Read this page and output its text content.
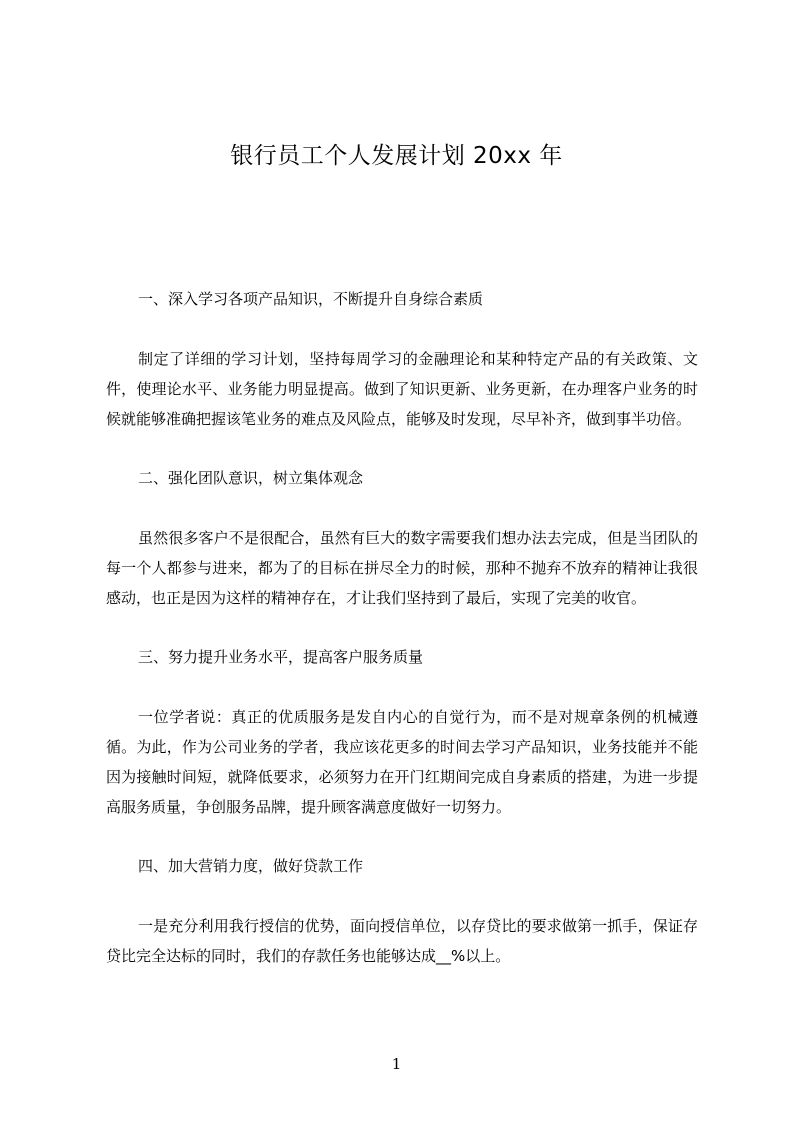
银行员工个人发展计划 20xx 年
一、深入学习各项产品知识，不断提升自身综合素质
制定了详细的学习计划，坚持每周学习的金融理论和某种特定产品的有关政策、文件，使理论水平、业务能力明显提高。做到了知识更新、业务更新，在办理客户业务的时候就能够准确把握该笔业务的难点及风险点，能够及时发现，尽早补齐，做到事半功倍。
二、强化团队意识，树立集体观念
虽然很多客户不是很配合，虽然有巨大的数字需要我们想办法去完成，但是当团队的每一个人都参与进来，都为了的目标在拼尽全力的时候，那种不抛弃不放弃的精神让我很感动，也正是因为这样的精神存在，才让我们坚持到了最后，实现了完美的收官。
三、努力提升业务水平，提高客户服务质量
一位学者说：真正的优质服务是发自内心的自觉行为，而不是对规章条例的机械遵循。为此，作为公司业务的学者，我应该花更多的时间去学习产品知识，业务技能并不能因为接触时间短，就降低要求，必须努力在开门红期间完成自身素质的搭建，为进一步提高服务质量，争创服务品牌，提升顾客满意度做好一切努力。
四、加大营销力度，做好贷款工作
一是充分利用我行授信的优势，面向授信单位，以存贷比的要求做第一抓手，保证存贷比完全达标的同时，我们的存款任务也能够达成__%以上。
1
